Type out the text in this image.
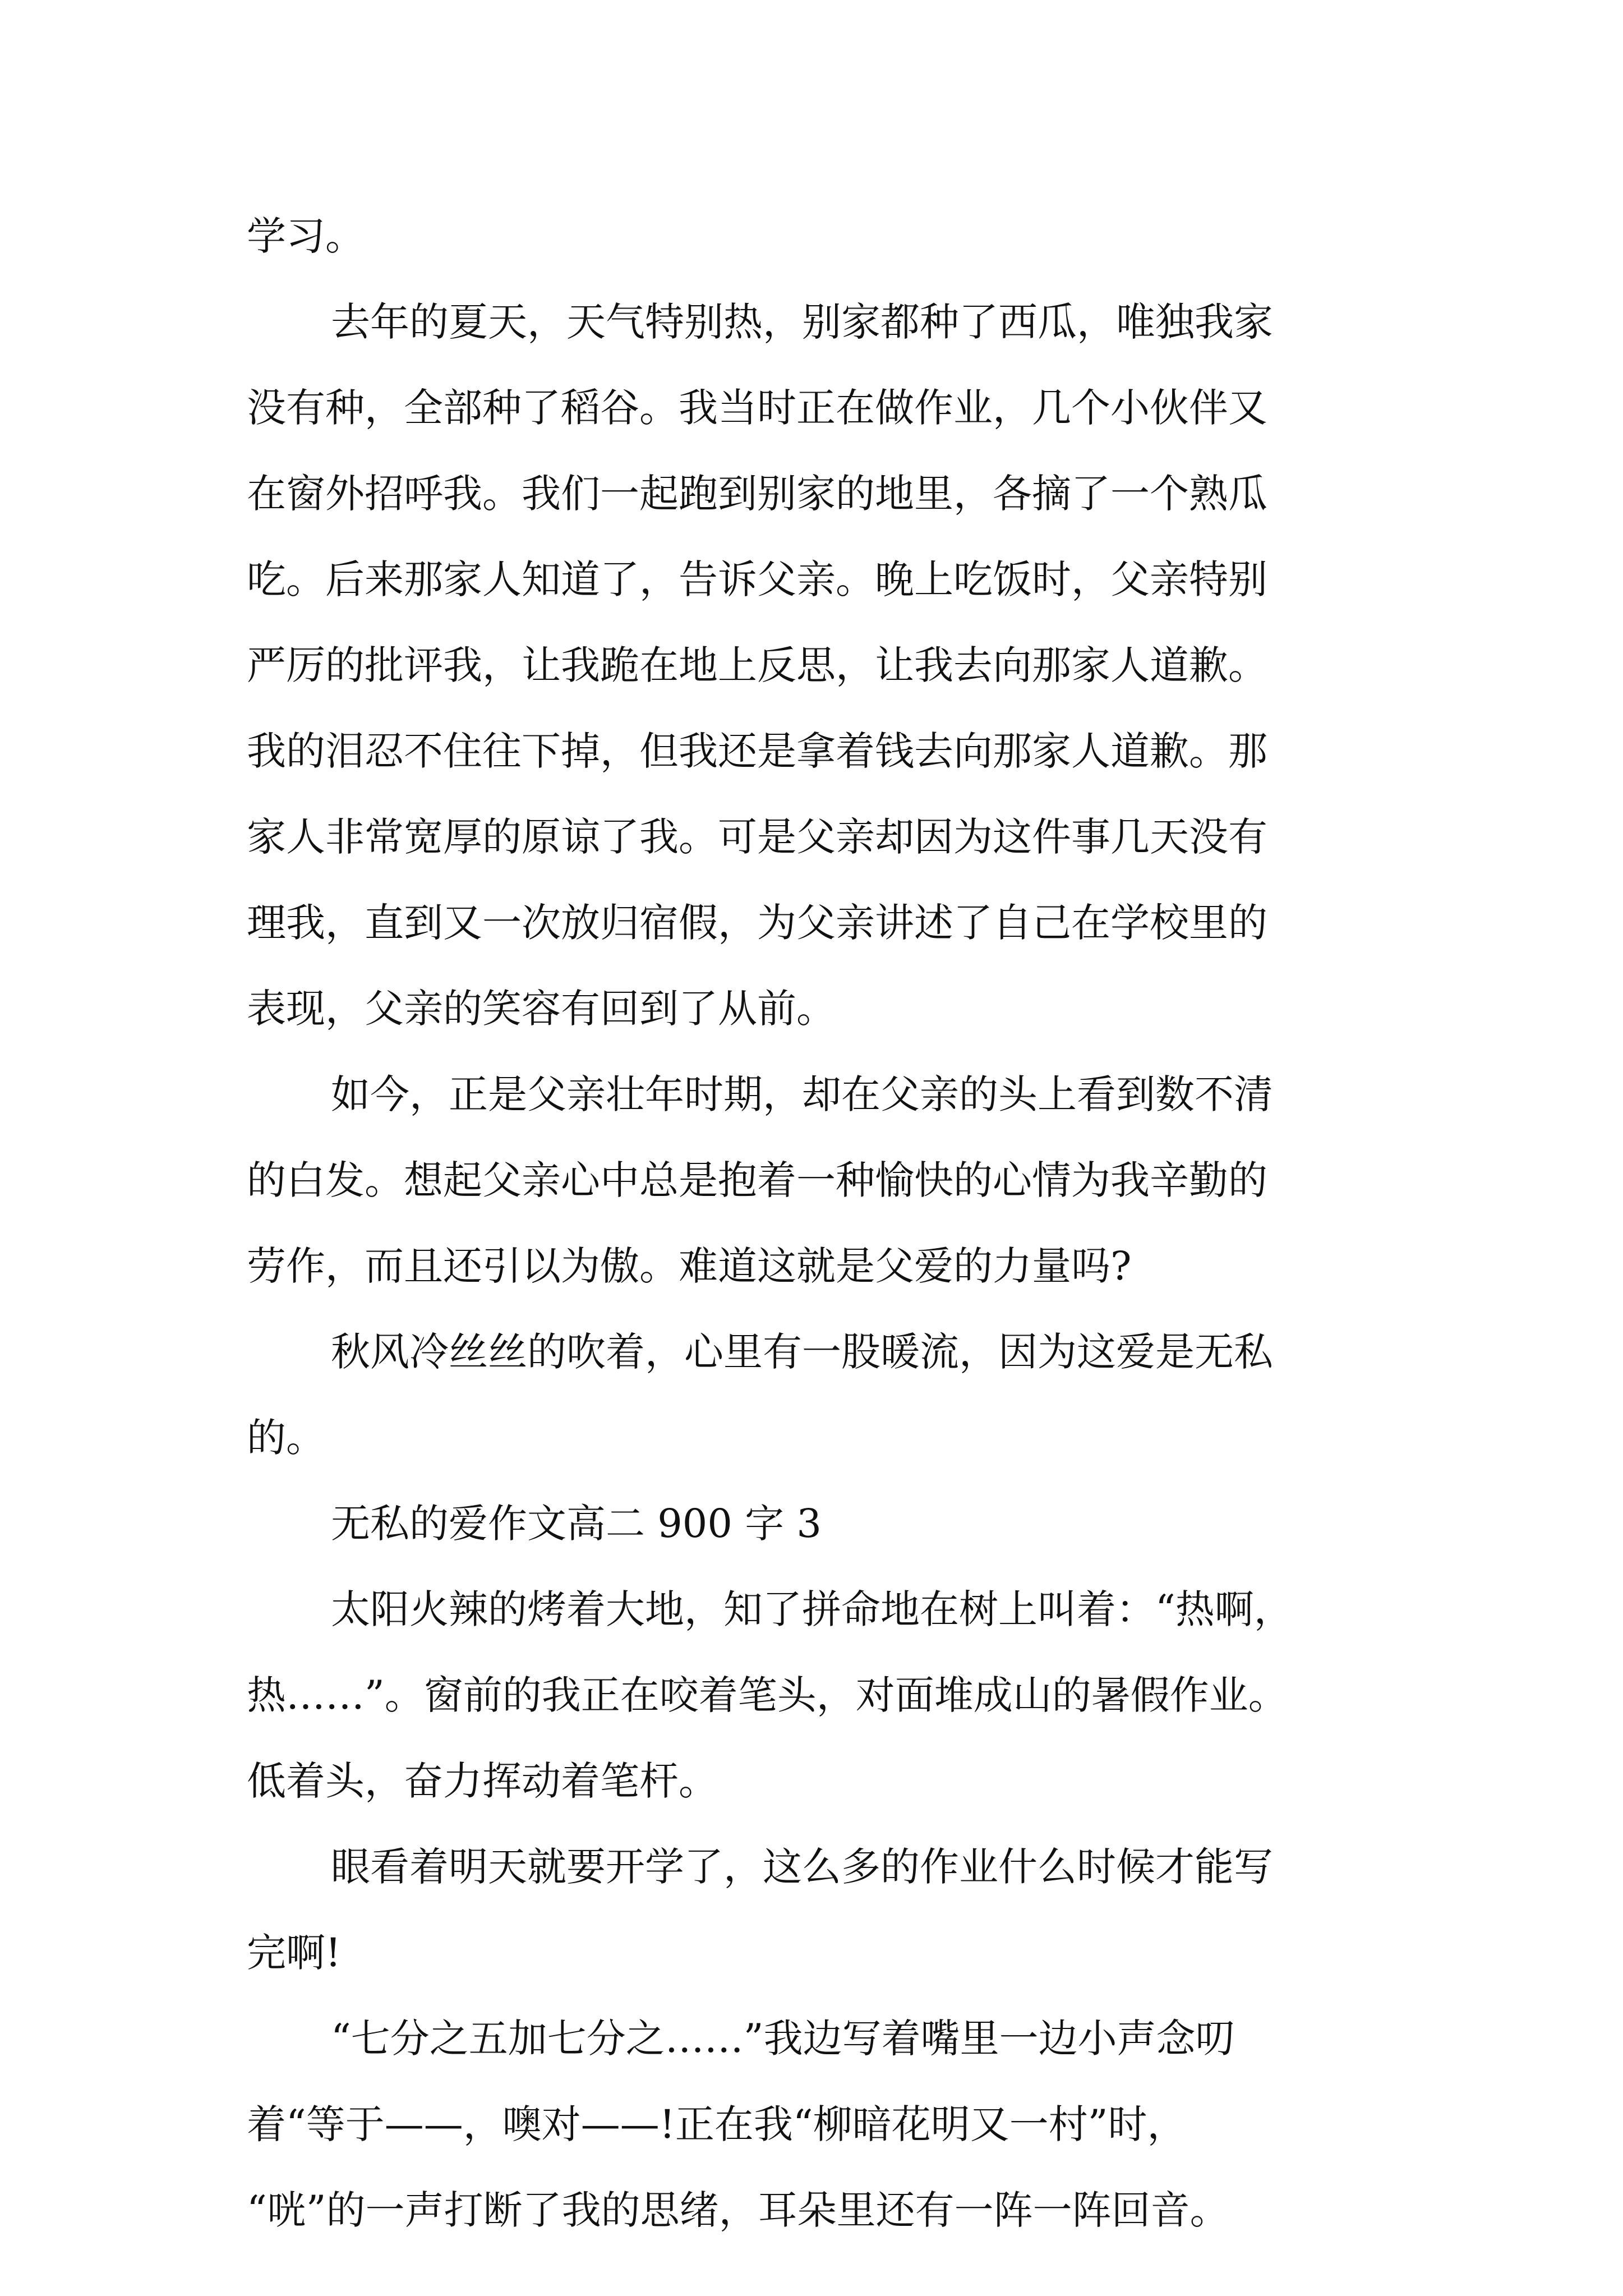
学习。
去年的夏天，天气特别热，别家都种了西瓜，唯独我家
没有种，全部种了稻谷。我当时正在做作业，几个小伙伴又
在窗外招呼我。我们一起跑到别家的地里，各摘了一个熟瓜
吃。后来那家人知道了，告诉父亲。晚上吃饭时，父亲特别
严厉的批评我，让我跪在地上反思，让我去向那家人道歉。
我的泪忍不住往下掉，但我还是拿着钱去向那家人道歉。那
家人非常宽厚的原谅了我。可是父亲却因为这件事几天没有
理我，直到又一次放归宿假，为父亲讲述了自己在学校里的
表现，父亲的笑容有回到了从前。
如今，正是父亲壮年时期，却在父亲的头上看到数不清
的白发。想起父亲心中总是抱着一种愉快的心情为我辛勤的
劳作，而且还引以为傲。难道这就是父爱的力量吗?
秋风冷丝丝的吹着，心里有一股暖流，因为这爱是无私
的。
无私的爱作文高二 900 字 3
太阳火辣的烤着大地，知了拼命地在树上叫着：“热啊，
热……”。窗前的我正在咬着笔头，对面堆成山的暑假作业。
低着头，奋力挥动着笔杆。
眼看着明天就要开学了，这么多的作业什么时候才能写
完啊!
“七分之五加七分之……”我边写着嘴里一边小声念叨
着“等于——，噢对——!正在我“柳暗花明又一村”时，
“咣”的一声打断了我的思绪，耳朵里还有一阵一阵回音。
